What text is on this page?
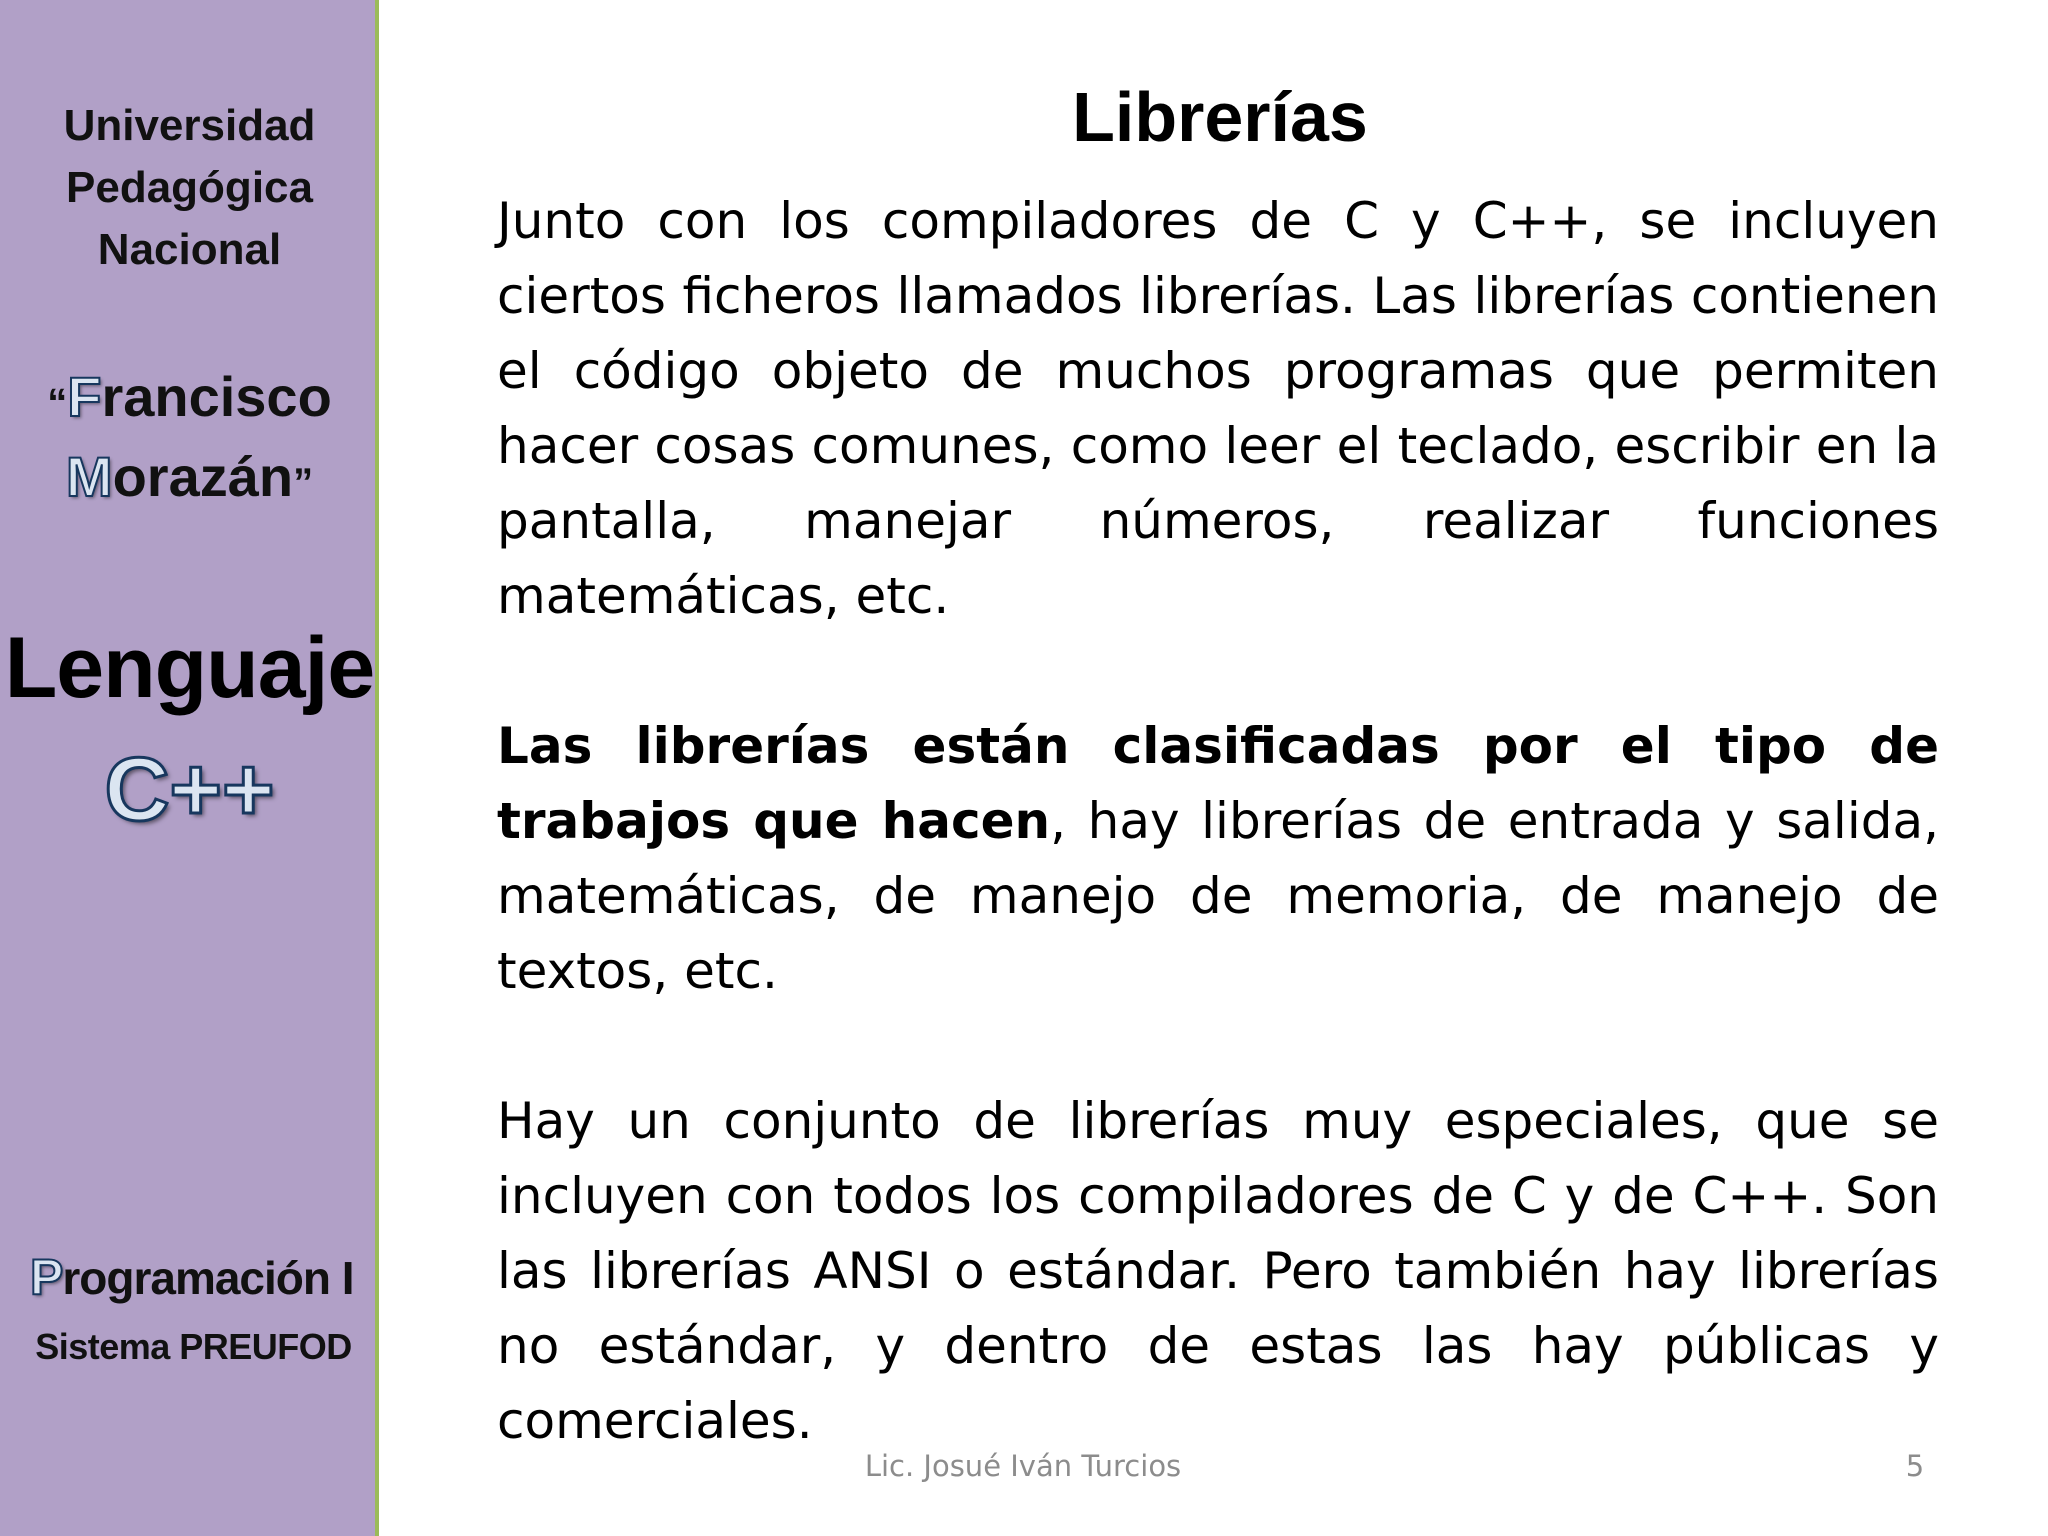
Universidad
Pedagógica
Nacional
“Francisco
Morazán”
Lenguaje
C++
Programación I
Sistema PREUFOD
Librerías

Junto con los compiladores de C y C++, se incluyen ciertos ficheros llamados librerías. Las librerías contienen el código objeto de muchos programas que permiten hacer cosas comunes, como leer el teclado, escribir en la pantalla, manejar números, realizar funciones matemáticas, etc.

Las librerías están clasificadas por el tipo de trabajos que hacen, hay librerías de entrada y salida, matemáticas, de manejo de memoria, de manejo de textos, etc.

Hay un conjunto de librerías muy especiales, que se incluyen con todos los compiladores de C y de C++. Son las librerías ANSI o estándar. Pero también hay librerías no estándar, y dentro de estas las hay públicas y comerciales.

Lic. Josué Iván Turcios	5
